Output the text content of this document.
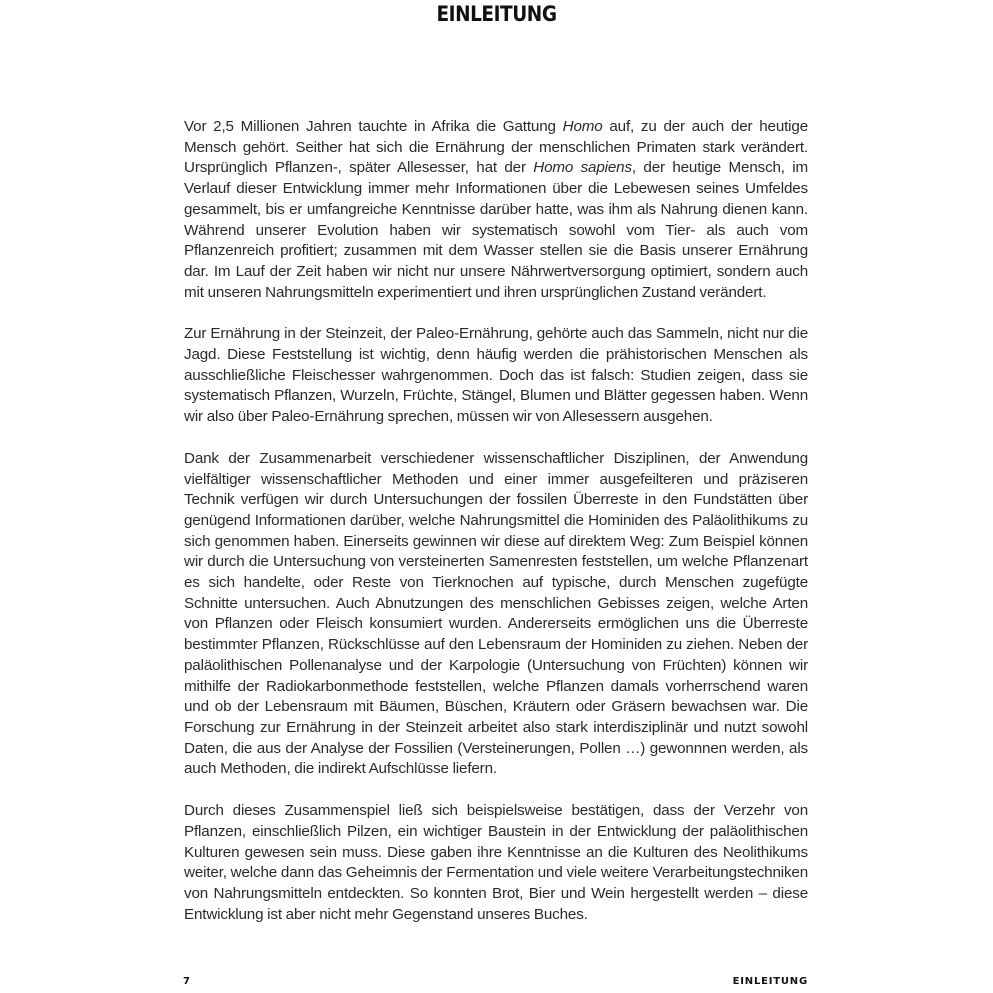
EINLEITUNG

Vor 2,5 Millionen Jahren tauchte in Afrika die Gattung Homo auf, zu der auch der heutige Mensch gehört. Seither hat sich die Ernährung der menschlichen Primaten stark verändert. Ursprünglich Pflanzen-, später Allesesser, hat der Homo sapiens, der heutige Mensch, im Verlauf dieser Entwicklung immer mehr Informationen über die Lebewesen seines Umfeldes gesammelt, bis er umfangreiche Kenntnisse darüber hatte, was ihm als Nahrung dienen kann. Während unserer Evolution haben wir systematisch sowohl vom Tier- als auch vom Pflanzenreich profitiert; zusammen mit dem Wasser stellen sie die Basis unserer Ernährung dar. Im Lauf der Zeit haben wir nicht nur unsere Nährwertversorgung optimiert, sondern auch mit unseren Nahrungsmitteln experimentiert und ihren ursprünglichen Zustand verändert.

Zur Ernährung in der Steinzeit, der Paleo-Ernährung, gehörte auch das Sammeln, nicht nur die Jagd. Diese Feststellung ist wichtig, denn häufig werden die prähistorischen Menschen als ausschließliche Fleischesser wahrgenommen. Doch das ist falsch: Studien zeigen, dass sie systematisch Pflanzen, Wurzeln, Früchte, Stängel, Blumen und Blätter gegessen haben. Wenn wir also über Paleo-Ernährung sprechen, müssen wir von Allesessern ausgehen.

Dank der Zusammenarbeit verschiedener wissenschaftlicher Disziplinen, der Anwendung vielfältiger wissenschaftlicher Methoden und einer immer ausgefeilteren und präziseren Technik verfügen wir durch Untersuchungen der fossilen Überreste in den Fundstätten über genügend Informationen darüber, welche Nahrungsmittel die Hominiden des Paläolithikums zu sich genommen haben. Einerseits gewinnen wir diese auf direktem Weg: Zum Beispiel können wir durch die Untersuchung von versteinerten Samenresten feststellen, um welche Pflanzenart es sich handelte, oder Reste von Tierknochen auf typische, durch Menschen zugefügte Schnitte untersuchen. Auch Abnutzungen des menschlichen Gebisses zeigen, welche Arten von Pflanzen oder Fleisch konsumiert wurden. Andererseits ermöglichen uns die Überreste bestimmter Pflanzen, Rückschlüsse auf den Lebensraum der Hominiden zu ziehen. Neben der paläolithischen Pollenanalyse und der Karpologie (Untersuchung von Früchten) können wir mithilfe der Radiokarbonmethode feststellen, welche Pflanzen damals vorherrschend waren und ob der Lebensraum mit Bäumen, Büschen, Kräutern oder Gräsern bewachsen war. Die Forschung zur Ernährung in der Steinzeit arbeitet also stark interdisziplinär und nutzt sowohl Daten, die aus der Analyse der Fossilien (Versteinerungen, Pollen …) gewonnnen werden, als auch Methoden, die indirekt Aufschlüsse liefern.

Durch dieses Zusammenspiel ließ sich beispielsweise bestätigen, dass der Verzehr von Pflanzen, einschließlich Pilzen, ein wichtiger Baustein in der Entwicklung der paläolithischen Kulturen gewesen sein muss. Diese gaben ihre Kenntnisse an die Kulturen des Neolithikums weiter, welche dann das Geheimnis der Fermentation und viele weitere Verarbeitungstechniken von Nahrungsmitteln entdeckten. So konnten Brot, Bier und Wein hergestellt werden – diese Entwicklung ist aber nicht mehr Gegenstand unseres Buches.

7	EINLEITUNG
